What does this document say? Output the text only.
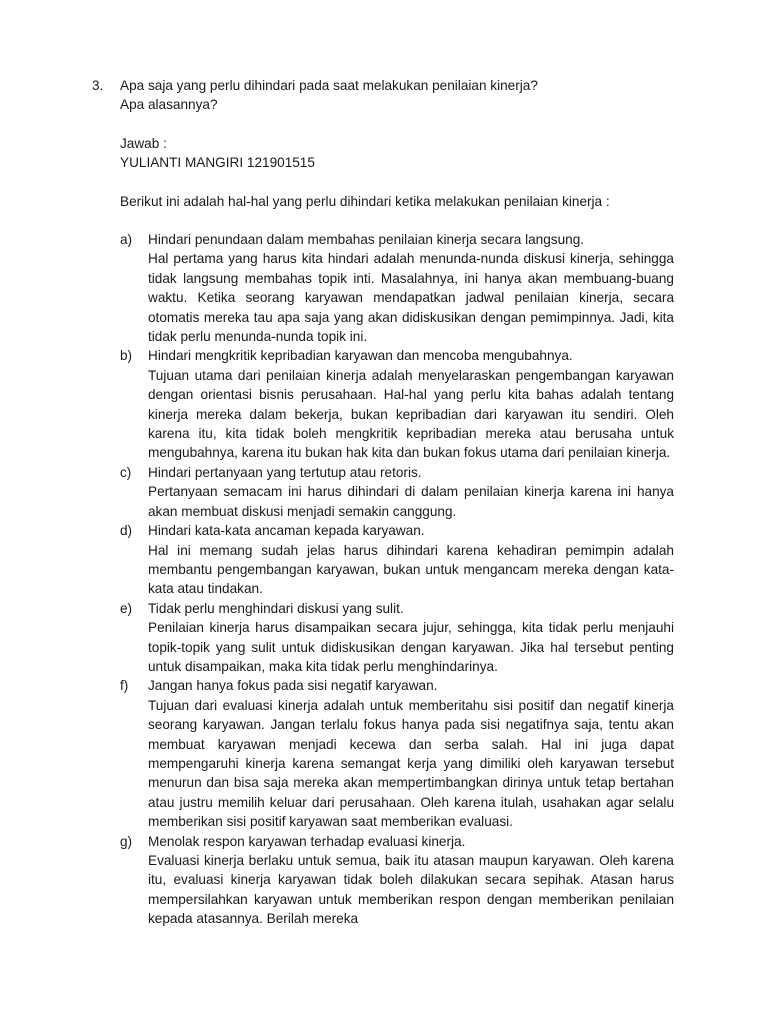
3. Apa saja yang perlu dihindari pada saat melakukan penilaian kinerja?
Apa alasannya?
Jawab :
YULIANTI MANGIRI 121901515
Berikut ini adalah hal-hal yang perlu dihindari ketika melakukan penilaian kinerja :
a) Hindari penundaan dalam membahas penilaian kinerja secara langsung.
Hal pertama yang harus kita hindari adalah menunda-nunda diskusi kinerja, sehingga tidak langsung membahas topik inti. Masalahnya, ini hanya akan membuang-buang waktu. Ketika seorang karyawan mendapatkan jadwal penilaian kinerja, secara otomatis mereka tau apa saja yang akan didiskusikan dengan pemimpinnya. Jadi, kita tidak perlu menunda-nunda topik ini.
b) Hindari mengkritik kepribadian karyawan dan mencoba mengubahnya.
Tujuan utama dari penilaian kinerja adalah menyelaraskan pengembangan karyawan dengan orientasi bisnis perusahaan. Hal-hal yang perlu kita bahas adalah tentang kinerja mereka dalam bekerja, bukan kepribadian dari karyawan itu sendiri. Oleh karena itu, kita tidak boleh mengkritik kepribadian mereka atau berusaha untuk mengubahnya, karena itu bukan hak kita dan bukan fokus utama dari penilaian kinerja.
c) Hindari pertanyaan yang tertutup atau retoris.
Pertanyaan semacam ini harus dihindari di dalam penilaian kinerja karena ini hanya akan membuat diskusi menjadi semakin canggung.
d) Hindari kata-kata ancaman kepada karyawan.
Hal ini memang sudah jelas harus dihindari karena kehadiran pemimpin adalah membantu pengembangan karyawan, bukan untuk mengancam mereka dengan kata-kata atau tindakan.
e) Tidak perlu menghindari diskusi yang sulit.
Penilaian kinerja harus disampaikan secara jujur, sehingga, kita tidak perlu menjauhi topik-topik yang sulit untuk didiskusikan dengan karyawan. Jika hal tersebut penting untuk disampaikan, maka kita tidak perlu menghindarinya.
f) Jangan hanya fokus pada sisi negatif karyawan.
Tujuan dari evaluasi kinerja adalah untuk memberitahu sisi positif dan negatif kinerja seorang karyawan. Jangan terlalu fokus hanya pada sisi negatifnya saja, tentu akan membuat karyawan menjadi kecewa dan serba salah. Hal ini juga dapat mempengaruhi kinerja karena semangat kerja yang dimiliki oleh karyawan tersebut menurun dan bisa saja mereka akan mempertimbangkan dirinya untuk tetap bertahan atau justru memilih keluar dari perusahaan. Oleh karena itulah, usahakan agar selalu memberikan sisi positif karyawan saat memberikan evaluasi.
g) Menolak respon karyawan terhadap evaluasi kinerja.
Evaluasi kinerja berlaku untuk semua, baik itu atasan maupun karyawan. Oleh karena itu, evaluasi kinerja karyawan tidak boleh dilakukan secara sepihak. Atasan harus mempersilahkan karyawan untuk memberikan respon dengan memberikan penilaian kepada atasannya. Berilah mereka
